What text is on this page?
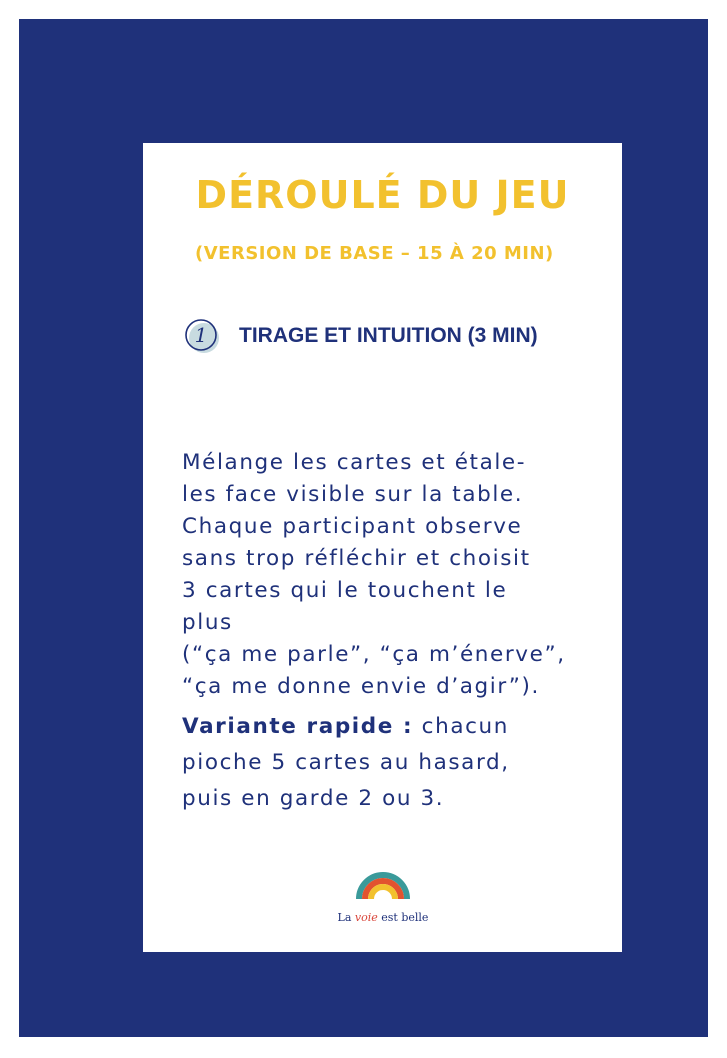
DÉROULÉ DU JEU
(VERSION DE BASE – 15 À 20 MIN)
1 TIRAGE ET INTUITION (3 MIN)

Mélange les cartes et étale-

les face visible sur la table.

Chaque participant observe

sans trop réfléchir et choisit

3 cartes qui le touchent le

plus

(“ça me parle”, “ça m’énerve”,

“ça me donne envie d’agir”).

Variante rapide : chacun
pioche 5 cartes au hasard,
puis en garde 2 ou 3.
La voie est belle
